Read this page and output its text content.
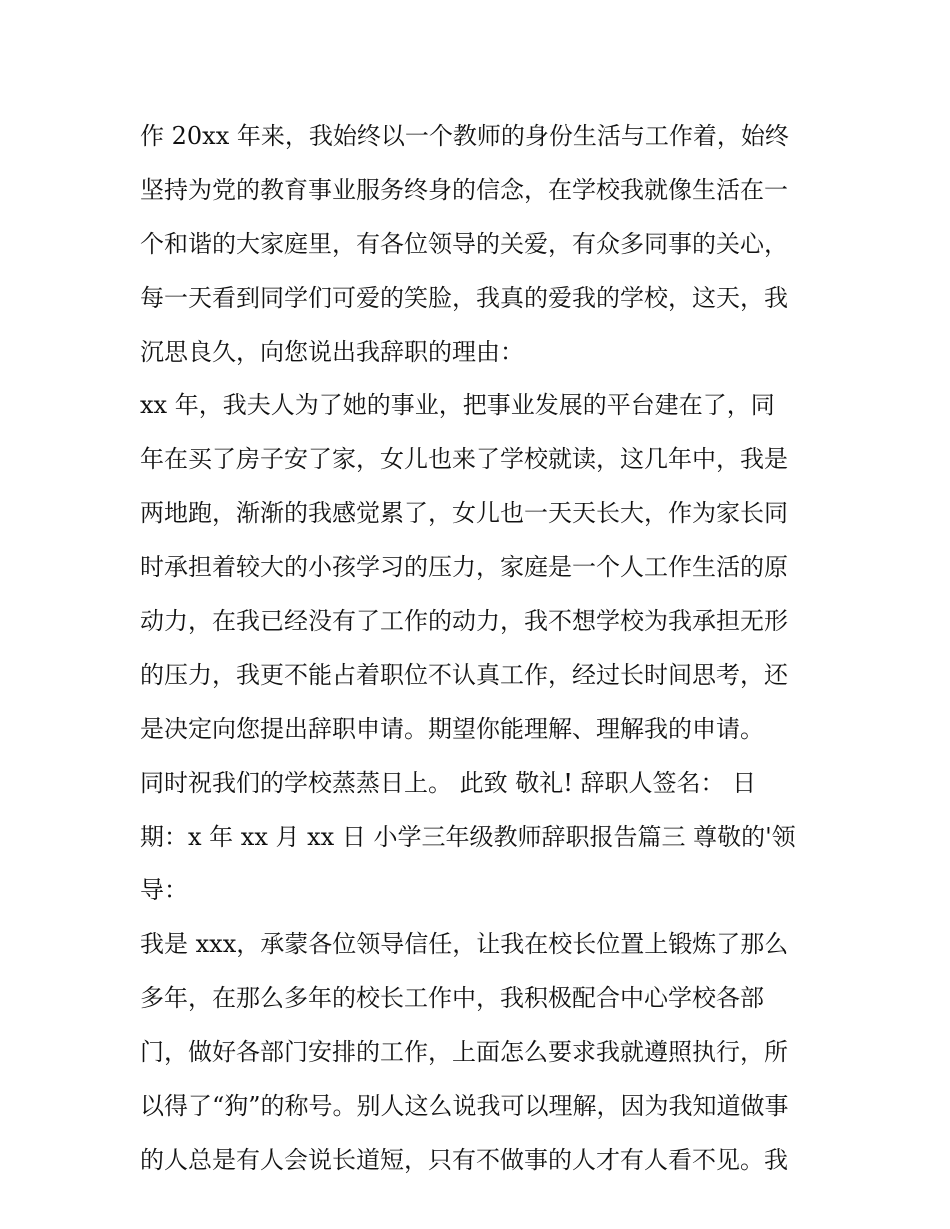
作 20xx 年来，我始终以一个教师的身份生活与工作着，始终
坚持为党的教育事业服务终身的信念，在学校我就像生活在一
个和谐的大家庭里，有各位领导的关爱，有众多同事的关心，
每一天看到同学们可爱的笑脸，我真的爱我的学校，这天，我
沉思良久，向您说出我辞职的理由：
xx 年，我夫人为了她的事业，把事业发展的平台建在了，同
年在买了房子安了家，女儿也来了学校就读，这几年中，我是
两地跑，渐渐的我感觉累了，女儿也一天天长大，作为家长同
时承担着较大的小孩学习的压力，家庭是一个人工作生活的原
动力，在我已经没有了工作的动力，我不想学校为我承担无形
的压力，我更不能占着职位不认真工作，经过长时间思考，还
是决定向您提出辞职申请。期望你能理解、理解我的申请。
同时祝我们的学校蒸蒸日上。 此致 敬礼! 辞职人签名： 日
期：x 年 xx 月 xx 日 小学三年级教师辞职报告篇三 尊敬的'领
导：
我是 xxx，承蒙各位领导信任，让我在校长位置上锻炼了那么
多年，在那么多年的校长工作中，我积极配合中心学校各部
门，做好各部门安排的工作，上面怎么要求我就遵照执行，所
以得了“狗”的称号。别人这么说我可以理解，因为我知道做事
的人总是有人会说长道短，只有不做事的人才有人看不见。我
